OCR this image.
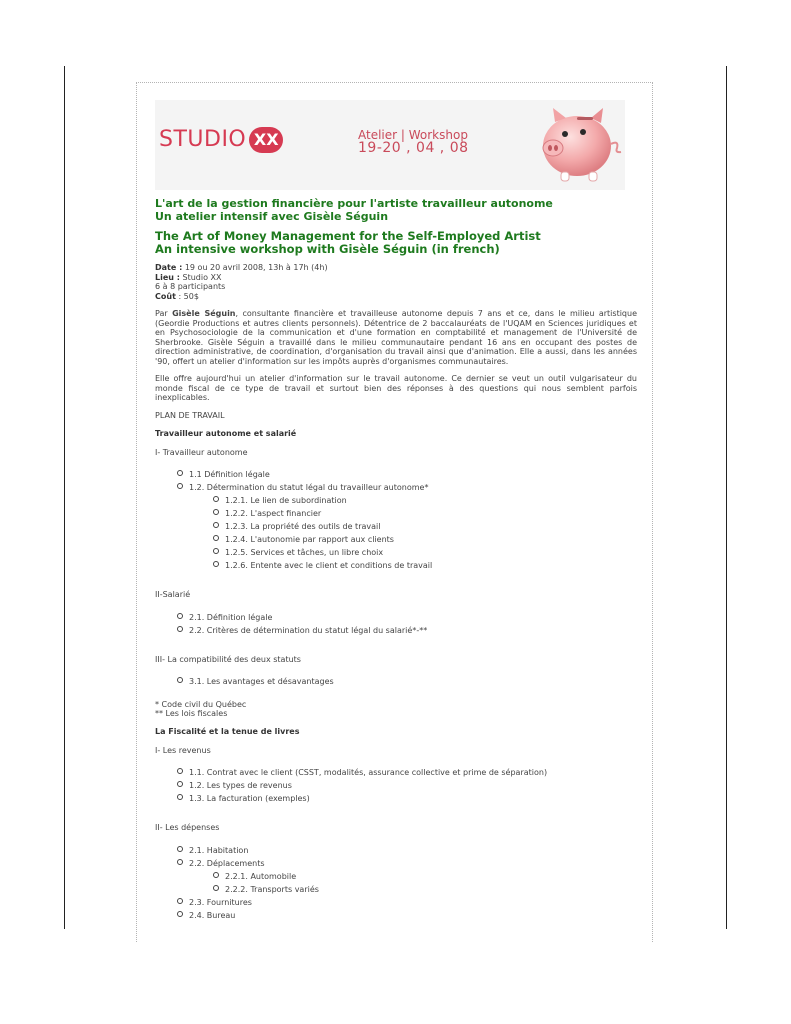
STUDIO XX	Atelier | Workshop
19-20 , 04 , 08
L'art de la gestion financière pour l'artiste travailleur autonome
Un atelier intensif avec Gisèle Séguin
The Art of Money Management for the Self-Employed Artist
An intensive workshop with Gisèle Séguin (in french)
Date : 19 ou 20 avril 2008, 13h à 17h (4h)
Lieu : Studio XX
6 à 8 participants
Coût : 50$

Par Gisèle Séguin, consultante financière et travailleuse autonome depuis 7 ans et ce, dans le milieu artistique (Geordie Productions et autres clients personnels). Détentrice de 2 baccalauréats de l'UQAM en Sciences juridiques et en Psychosociologie de la communication et d'une formation en comptabilité et management de l'Université de Sherbrooke. Gisèle Séguin a travaillé dans le milieu communautaire pendant 16 ans en occupant des postes de direction administrative, de coordination, d'organisation du travail ainsi que d'animation. Elle a aussi, dans les années '90, offert un atelier d'information sur les impôts auprès d'organismes communautaires.

Elle offre aujourd'hui un atelier d'information sur le travail autonome. Ce dernier se veut un outil vulgarisateur du monde fiscal de ce type de travail et surtout bien des réponses à des questions qui nous semblent parfois inexplicables.

PLAN DE TRAVAIL
Travailleur autonome et salarié
I- Travailleur autonome
1.1 Définition légale
1.2. Détermination du statut légal du travailleur autonome*
1.2.1. Le lien de subordination
1.2.2. L'aspect financier
1.2.3. La propriété des outils de travail
1.2.4. L'autonomie par rapport aux clients
1.2.5. Services et tâches, un libre choix
1.2.6. Entente avec le client et conditions de travail
II-Salarié
2.1. Définition légale
2.2. Critères de détermination du statut légal du salarié*-**
III- La compatibilité des deux statuts
3.1. Les avantages et désavantages
* Code civil du Québec
** Les lois fiscales
La Fiscalité et la tenue de livres
I- Les revenus
1.1. Contrat avec le client (CSST, modalités, assurance collective et prime de séparation)
1.2. Les types de revenus
1.3. La facturation (exemples)
II- Les dépenses
2.1. Habitation
2.2. Déplacements
2.2.1. Automobile
2.2.2. Transports variés
2.3. Fournitures
2.4. Bureau
